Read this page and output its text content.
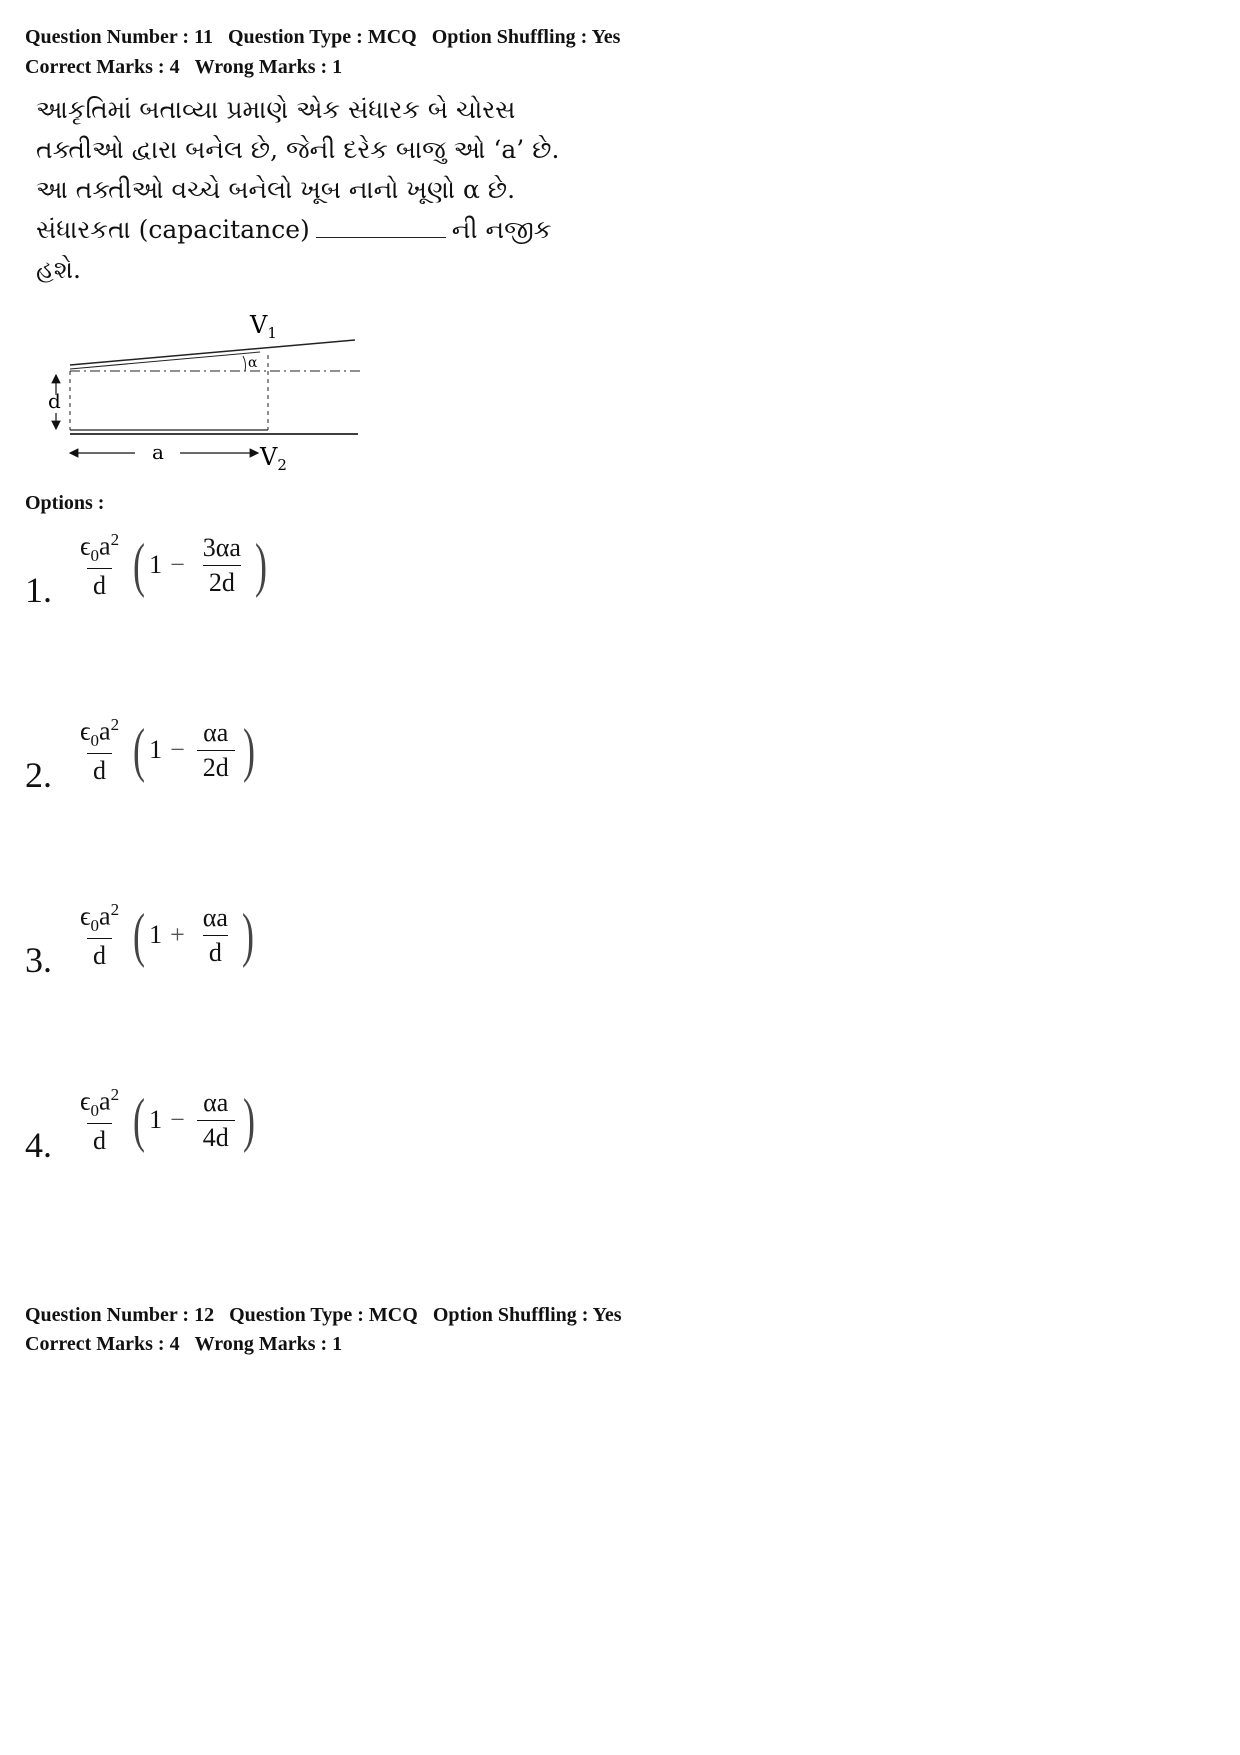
Question Number : 11 Question Type : MCQ Option Shuffling : Yes
Correct Marks : 4 Wrong Marks : 1
આકૃતિમાં બતાવ્યા પ્રમાણે એક સંધારક બે ચોરસ
તક્તીઓ દ્વારા બનેલ છે, જેની દરેક બાજુ ઓ ‘a’ છે.
આ તક્તીઓ વચ્ચે બનેલો ખૂબ નાનો ખૂણો α છે.
સંધારકતા (capacitance)	ની નજીક
હશે.
α
d
a
$V_1$
$V_2$
Options :
1. $\frac{\epsilon_0a^2}{d}$ ( $1 - \frac{3\alpha a}{2d}$ )
2. $\frac{\epsilon_0a^2}{d}$ ( $1 - \frac{\alpha a}{2d}$ )
3. $\frac{\epsilon_0a^2}{d}$ ( $1 + \frac{\alpha a}{d}$ )
4. $\frac{\epsilon_0a^2}{d}$ ( $1 - \frac{\alpha a}{4d}$ )
Question Number : 12 Question Type : MCQ Option Shuffling : Yes
Correct Marks : 4 Wrong Marks : 1
